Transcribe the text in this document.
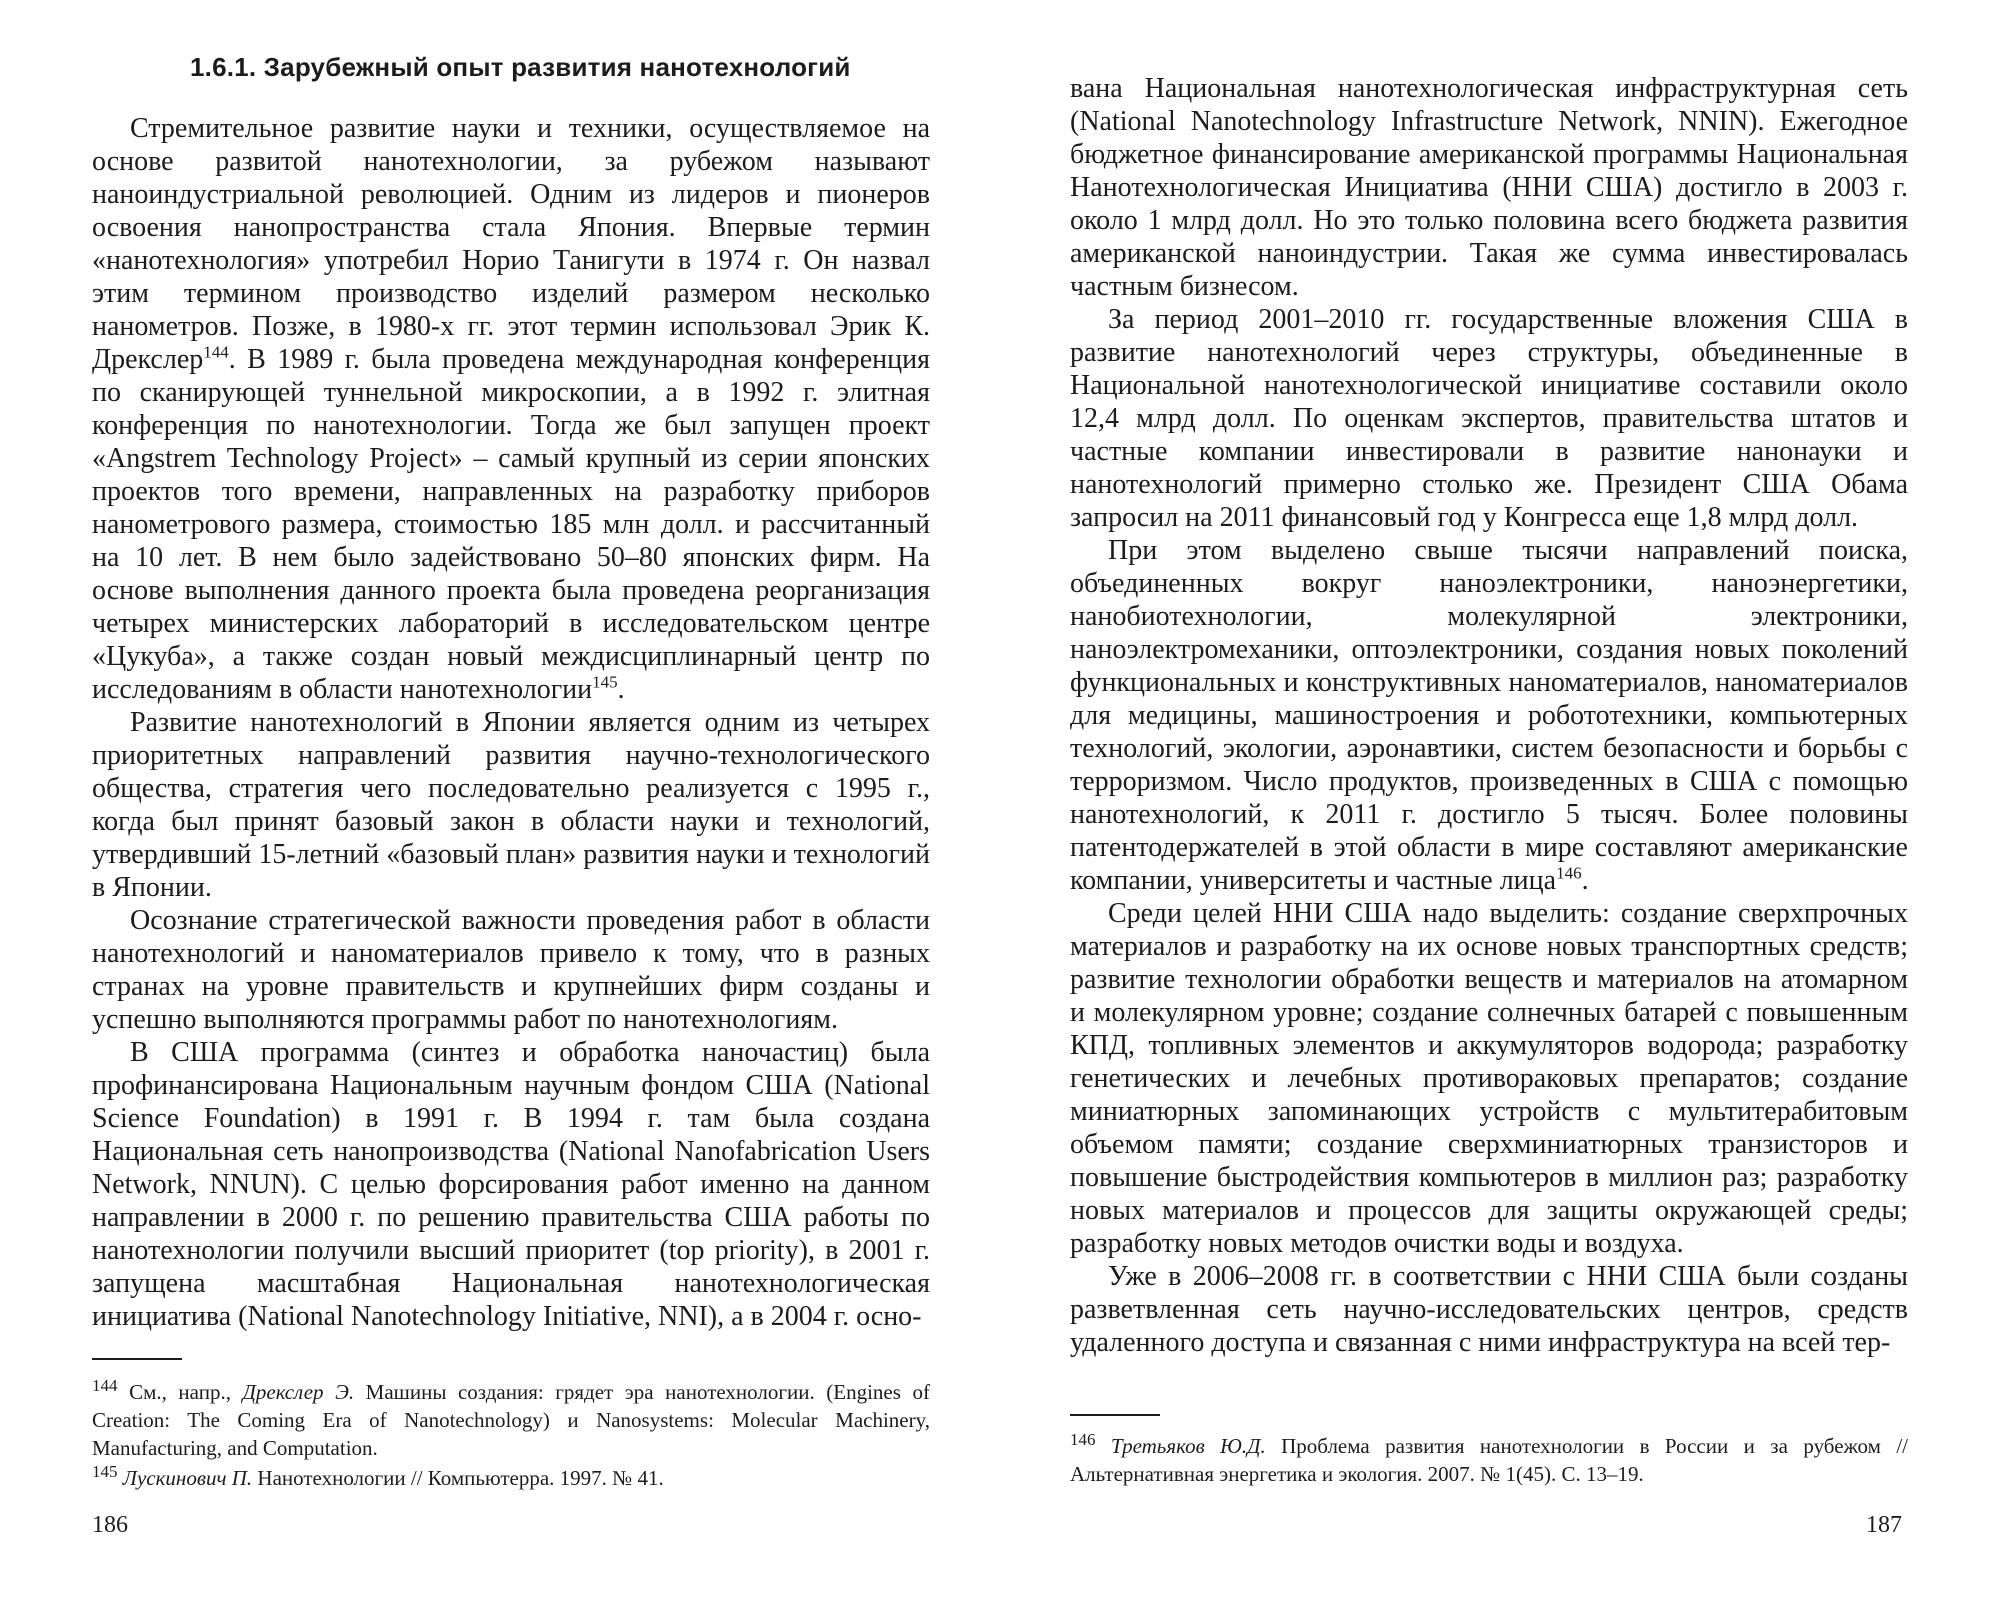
1.6.1. Зарубежный опыт развития нанотехнологий

Стремительное развитие науки и техники, осуществляемое на основе развитой нанотехнологии, за рубежом называют наноиндустриальной революцией. Одним из лидеров и пионеров освоения нанопространства стала Япония. Впервые термин «нанотехнология» употребил Норио Танигути в 1974 г. Он назвал этим термином производство изделий размером несколько нанометров. Позже, в 1980-х гг. этот термин использовал Эрик К. Дрекслер$^{144}$. В 1989 г. была проведена международная конференция по сканирующей туннельной микроскопии, а в 1992 г. элитная конференция по нанотехнологии. Тогда же был запущен проект «Angstrem Technology Project» – самый крупный из серии японских проектов того времени, направленных на разработку приборов нанометрового размера, стоимостью 185 млн долл. и рассчитанный на 10 лет. В нем было задействовано 50–80 японских фирм. На основе выполнения данного проекта была проведена реорганизация четырех министерских лабораторий в исследовательском центре «Цукуба», а также создан новый междисциплинарный центр по исследованиям в области нанотехнологии$^{145}$.

Развитие нанотехнологий в Японии является одним из четырех приоритетных направлений развития научно-технологического общества, стратегия чего последовательно реализуется с 1995 г., когда был принят базовый закон в области науки и технологий, утвердивший 15-летний «базовый план» развития науки и технологий в Японии.

Осознание стратегической важности проведения работ в области нанотехнологий и наноматериалов привело к тому, что в разных странах на уровне правительств и крупнейших фирм созданы и успешно выполняются программы работ по нанотехнологиям.

В США программа (синтез и обработка наночастиц) была профинансирована Национальным научным фондом США (National Science Foundation) в 1991 г. В 1994 г. там была создана Национальная сеть нанопроизводства (National Nanofabrication Users Network, NNUN). С целью форсирования работ именно на данном направлении в 2000 г. по решению правительства США работы по нанотехнологии получили высший приоритет (top priority), в 2001 г. запущена масштабная Национальная нанотехнологическая инициатива (National Nanotechnology Initiative, NNI), а в 2004 г. осно-

$^{144}$ См., напр., Дрекслер Э. Машины создания: грядет эра нанотехнологии. (Engines of Creation: The Coming Era of Nanotechnology) и Nanosystems: Molecular Machinery, Manufacturing, and Computation.

$^{145}$ Лускинович П. Нанотехнологии // Компьютерра. 1997. № 41.

186

вана Национальная нанотехнологическая инфраструктурная сеть (National Nanotechnology Infrastructure Network, NNIN). Ежегодное бюджетное финансирование американской программы Национальная Нанотехнологическая Инициатива (ННИ США) достигло в 2003 г. около 1 млрд долл. Но это только половина всего бюджета развития американской наноиндустрии. Такая же сумма инвестировалась частным бизнесом.

За период 2001–2010 гг. государственные вложения США в развитие нанотехнологий через структуры, объединенные в Национальной нанотехнологической инициативе составили около 12,4 млрд долл. По оценкам экспертов, правительства штатов и частные компании инвестировали в развитие нанонауки и нанотехнологий примерно столько же. Президент США Обама запросил на 2011 финансовый год у Конгресса еще 1,8 млрд долл.

При этом выделено свыше тысячи направлений поиска, объединенных вокруг наноэлектроники, наноэнергетики, нанобиотехнологии, молекулярной электроники, наноэлектромеханики, оптоэлектроники, создания новых поколений функциональных и конструктивных наноматериалов, наноматериалов для медицины, машиностроения и робототехники, компьютерных технологий, экологии, аэронавтики, систем безопасности и борьбы с терроризмом. Число продуктов, произведенных в США с помощью нанотехнологий, к 2011 г. достигло 5 тысяч. Более половины патентодержателей в этой области в мире составляют американские компании, университеты и частные лица$^{146}$.

Среди целей ННИ США надо выделить: создание сверхпрочных материалов и разработку на их основе новых транспортных средств; развитие технологии обработки веществ и материалов на атомарном и молекулярном уровне; создание солнечных батарей с повышенным КПД, топливных элементов и аккумуляторов водорода; разработку генетических и лечебных противораковых препаратов; создание миниатюрных запоминающих устройств с мультитерабитовым объемом памяти; создание сверхминиатюрных транзисторов и повышение быстродействия компьютеров в миллион раз; разработку новых материалов и процессов для защиты окружающей среды; разработку новых методов очистки воды и воздуха.

Уже в 2006–2008 гг. в соответствии с ННИ США были созданы разветвленная сеть научно-исследовательских центров, средств удаленного доступа и связанная с ними инфраструктура на всей тер-

$^{146}$ Третьяков Ю.Д. Проблема развития нанотехнологии в России и за рубежом // Альтернативная энергетика и экология. 2007. № 1(45). С. 13–19.

187
